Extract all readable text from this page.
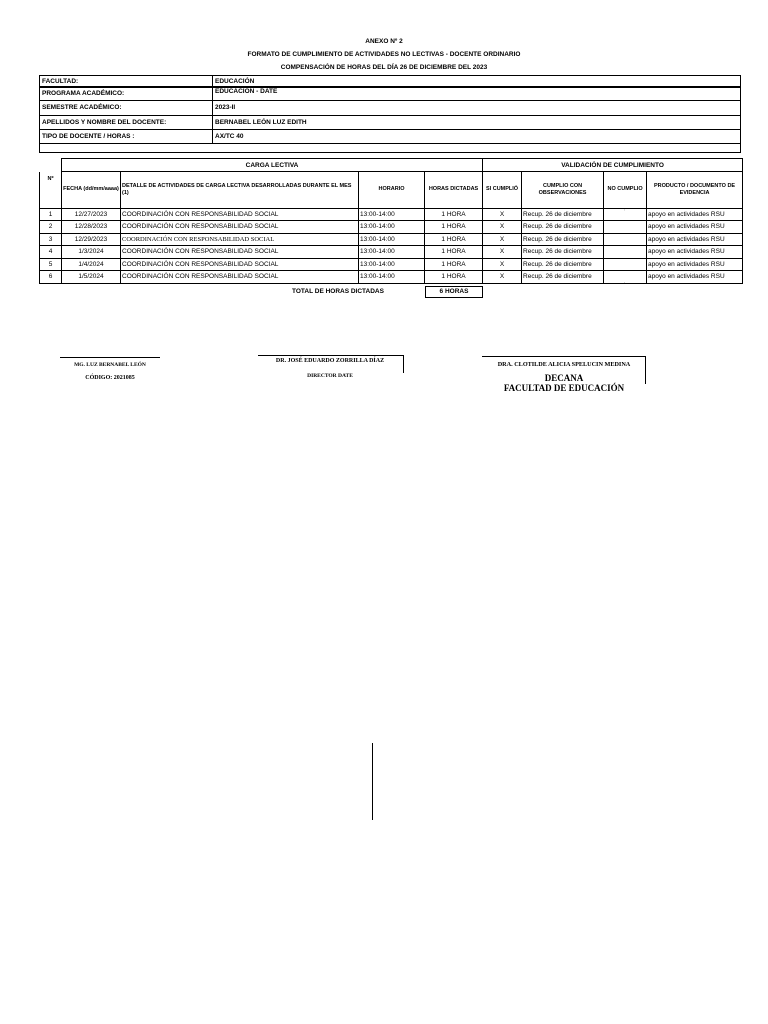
ANEXO Nº 2
FORMATO DE CUMPLIMIENTO DE ACTIVIDADES NO LECTIVAS - DOCENTE ORDINARIO
COMPENSACIÓN DE HORAS DEL DÍA 26 DE DICIEMBRE DEL 2023
FACULTAD:	EDUCACIÓN
PROGRAMA ACADÉMICO:	EDUCACIÓN - DATE
SEMESTRE ACADÉMICO:	2023-II
APELLIDOS Y NOMBRE DEL DOCENTE:	BERNABEL LEÓN LUZ EDITH
TIPO DE DOCENTE / HORAS :	AX/TC 40
	CARGA LECTIVA				VALIDACIÓN DE CUMPLIMIENTO			
Nº	FECHA (dd/mm/aaaa)	DETALLE DE ACTIVIDADES DE CARGA LECTIVA DESARROLLADAS DURANTE EL MES (1)	HORARIO	HORAS DICTADAS	SI CUMPLIÓ	CUMPLIO CON OBSERVACIONES	NO CUMPLIO	PRODUCTO / DOCUMENTO DE EVIDENCIA
1	12/27/2023	COORDINACIÓN CON RESPONSABILIDAD SOCIAL	13:00-14:00	1 HORA	X	Recup. 26 de diciembre		apoyo en actividades RSU
2	12/28/2023	COORDINACIÓN CON RESPONSABILIDAD SOCIAL	13:00-14:00	1 HORA	X	Recup. 26 de diciembre		apoyo en actividades RSU
3	12/29/2023	COORDINACIÓN CON RESPONSABILIDAD SOCIAL	13:00-14:00	1 HORA	X	Recup. 26 de diciembre		apoyo en actividades RSU
4	1/3/2024	COORDINACIÓN CON RESPONSABILIDAD SOCIAL	13:00-14:00	1 HORA	X	Recup. 26 de diciembre		apoyo en actividades RSU
5	1/4/2024	COORDINACIÓN CON RESPONSABILIDAD SOCIAL	13:00-14:00	1 HORA	X	Recup. 26 de diciembre		apoyo en actividades RSU
6	1/5/2024	COORDINACIÓN CON RESPONSABILIDAD SOCIAL	13:00-14:00	1 HORA	X	Recup. 26 de diciembre		apoyo en actividades RSU
TOTAL DE HORAS DICTADAS	6 HORAS
MG. LUZ BERNABEL LEÓN
CÓDIGO: 2021085
DR. JOSÉ EDUARDO ZORRILLA DÍAZ
DIRECTOR DATE
DRA. CLOTILDE ALICIA SPELUCIN MEDINA
DECANA
FACULTAD DE EDUCACIÓN
,
'
